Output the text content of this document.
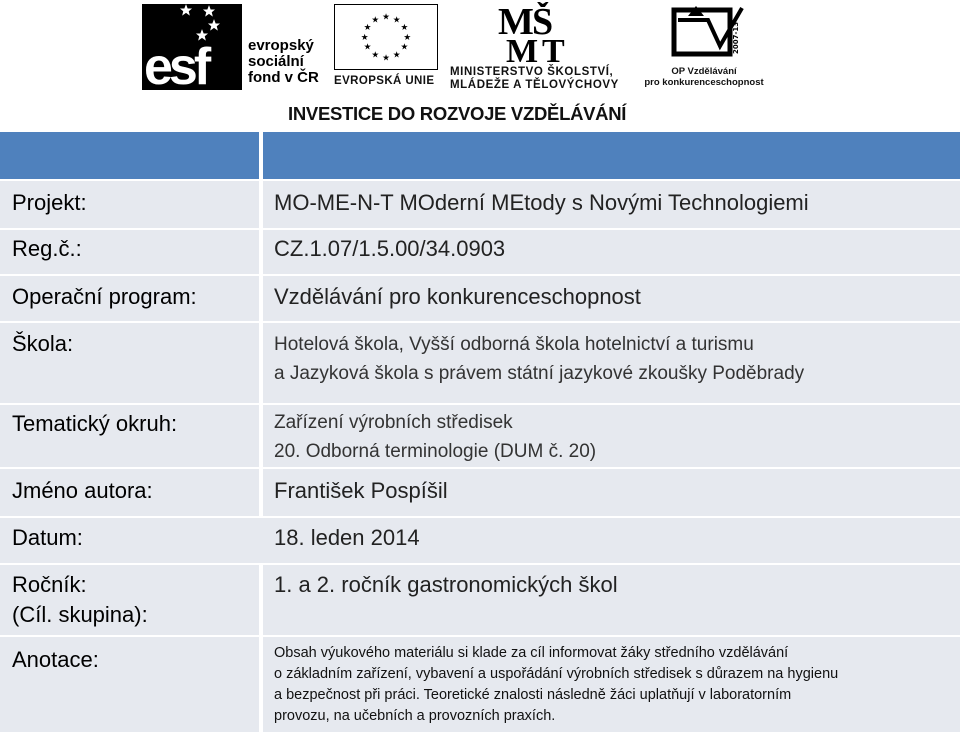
esf	evropský
sociální
fond v ČR
★ ★
★
★
★
★
★
★
★
★
★
★
EVROPSKÁ UNIE
M
Š
M T
MINISTERSTVO ŠKOLSTVÍ,
MLÁDEŽE A TĚLOVÝCHOVY
2007-13
OP Vzdělávání
pro konkurenceschopnost
INVESTICE DO ROZVOJE VZDĚLÁVÁNÍ
Projekt:
Reg.č.:
Operační program:
Škola:
Tematický okruh:
Jméno autora:
Datum:
Ročník:
(Cíl. skupina):
Anotace:
MO-ME-N-T MOderní MEtody s Novými Technologiemi
CZ.1.07/1.5.00/34.0903
Vzdělávání pro konkurenceschopnost
Hotelová škola, Vyšší odborná škola hotelnictví a turismu
a Jazyková škola s právem státní jazykové zkoušky Poděbrady
Zařízení výrobních středisek
20. Odborná terminologie (DUM č. 20)
František Pospíšil
18. leden 2014
1. a 2. ročník gastronomických škol
Obsah výukového materiálu si klade za cíl informovat žáky středního vzdělávání
o základním zařízení, vybavení a uspořádání výrobních středisek s důrazem na hygienu
a bezpečnost při práci. Teoretické znalosti následně žáci uplatňují v laboratorním
provozu, na učebních a provozních praxích.
